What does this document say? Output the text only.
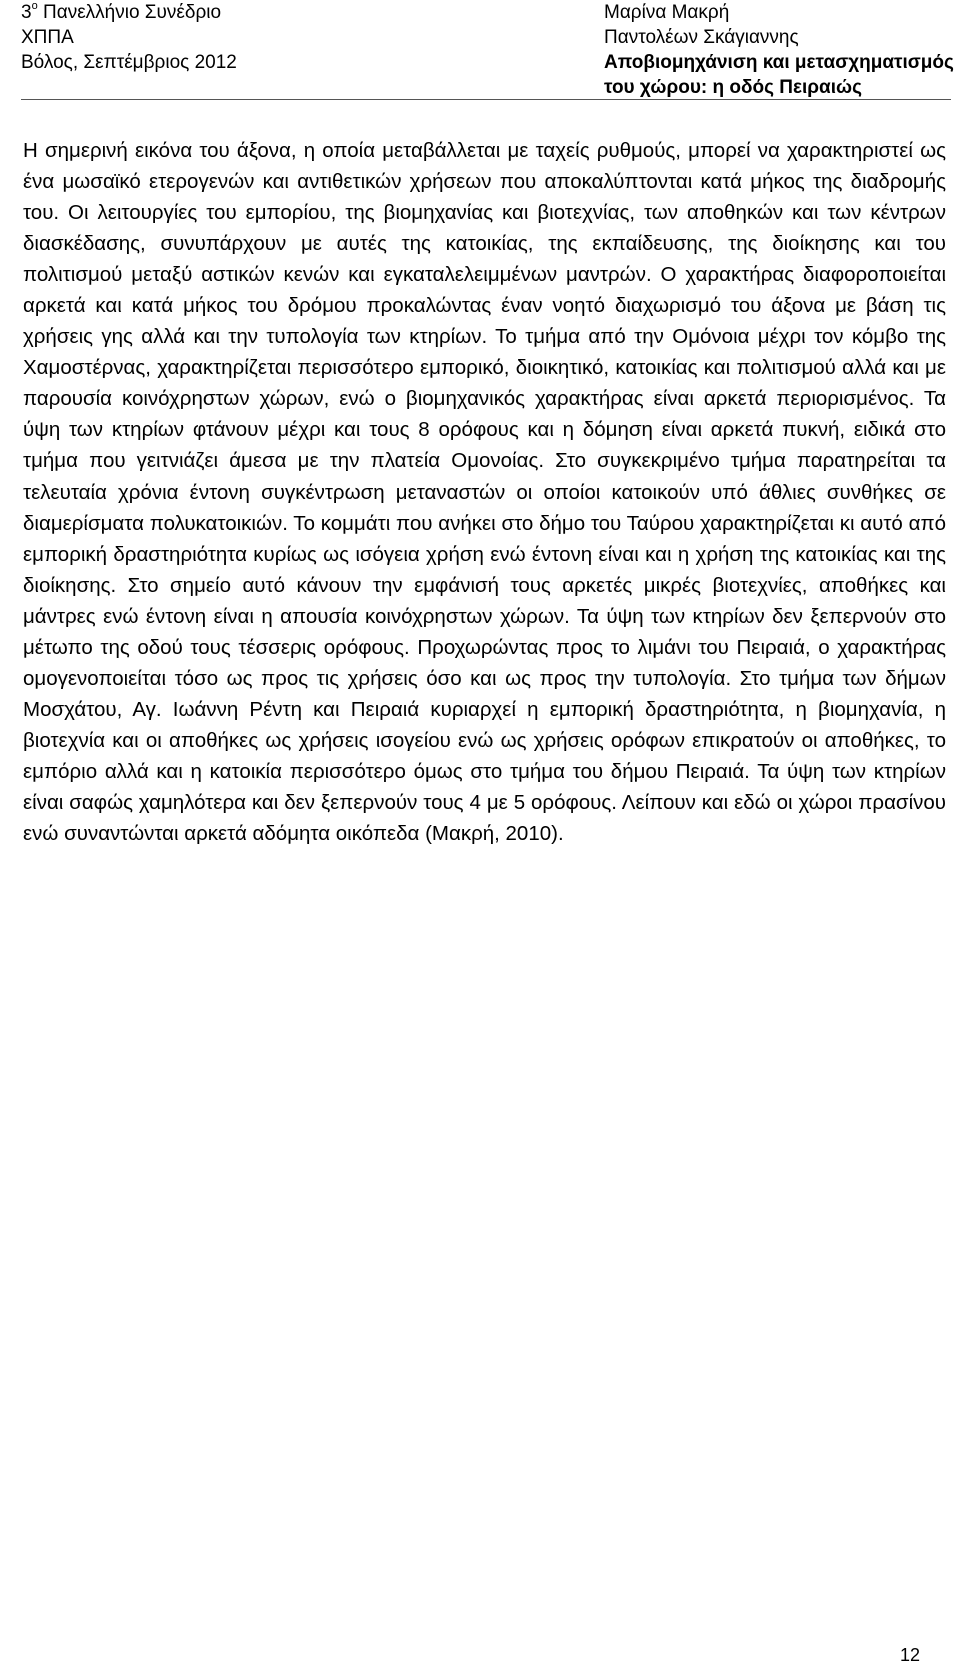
$3^o$ Πανελλήνιο Συνέδριο
ΧΠΠΑ
Βόλος, Σεπτέμβριος 2012
Μαρίνα Μακρή
Παντολέων Σκάγιαννης
Αποβιομηχάνιση και μετασχηματισμός
του χώρου: η οδός Πειραιώς
Η σημερινή εικόνα του άξονα, η οποία μεταβάλλεται με ταχείς ρυθμούς, μπορεί να χαρακτηριστεί ως ένα μωσαϊκό ετερογενών και αντιθετικών χρήσεων που αποκαλύπτονται κατά μήκος της διαδρομής του. Οι λειτουργίες του εμπορίου, της βιομηχανίας και βιοτεχνίας, των αποθηκών και των κέντρων διασκέδασης, συνυπάρχουν με αυτές της κατοικίας, της εκπαίδευσης, της διοίκησης και του πολιτισμού μεταξύ αστικών κενών και εγκαταλελειμμένων μαντρών. Ο χαρακτήρας διαφοροποιείται αρκετά και κατά μήκος του δρόμου προκαλώντας έναν νοητό διαχωρισμό του άξονα με βάση τις χρήσεις γης αλλά και την τυπολογία των κτηρίων. Το τμήμα από την Ομόνοια μέχρι τον κόμβο της Χαμοστέρνας, χαρακτηρίζεται περισσότερο εμπορικό, διοικητικό, κατοικίας και πολιτισμού αλλά και με παρουσία κοινόχρηστων χώρων, ενώ ο βιομηχανικός χαρακτήρας είναι αρκετά περιορισμένος. Τα ύψη των κτηρίων φτάνουν μέχρι και τους 8 ορόφους και η δόμηση είναι αρκετά πυκνή, ειδικά στο τμήμα που γειτνιάζει άμεσα με την πλατεία Ομονοίας. Στο συγκεκριμένο τμήμα παρατηρείται τα τελευταία χρόνια έντονη συγκέντρωση μεταναστών οι οποίοι κατοικούν υπό άθλιες συνθήκες σε διαμερίσματα πολυκατοικιών. Το κομμάτι που ανήκει στο δήμο του Ταύρου χαρακτηρίζεται κι αυτό από εμπορική δραστηριότητα κυρίως ως ισόγεια χρήση ενώ έντονη είναι και η χρήση της κατοικίας και της διοίκησης. Στο σημείο αυτό κάνουν την εμφάνισή τους αρκετές μικρές βιοτεχνίες, αποθήκες και μάντρες ενώ έντονη είναι η απουσία κοινόχρηστων χώρων. Τα ύψη των κτηρίων δεν ξεπερνούν στο μέτωπο της οδού τους τέσσερις ορόφους. Προχωρώντας προς το λιμάνι του Πειραιά, ο χαρακτήρας ομογενοποιείται τόσο ως προς τις χρήσεις όσο και ως προς την τυπολογία. Στο τμήμα των δήμων Μοσχάτου, Αγ. Ιωάννη Ρέντη και Πειραιά κυριαρχεί η εμπορική δραστηριότητα, η βιομηχανία, η βιοτεχνία και οι αποθήκες ως χρήσεις ισογείου ενώ ως χρήσεις ορόφων επικρατούν οι αποθήκες, το εμπόριο αλλά και η κατοικία περισσότερο όμως στο τμήμα του δήμου Πειραιά. Τα ύψη των κτηρίων είναι σαφώς χαμηλότερα και δεν ξεπερνούν τους 4 με 5 ορόφους. Λείπουν και εδώ οι χώροι πρασίνου ενώ συναντώνται αρκετά αδόμητα οικόπεδα (Μακρή, 2010).
12
